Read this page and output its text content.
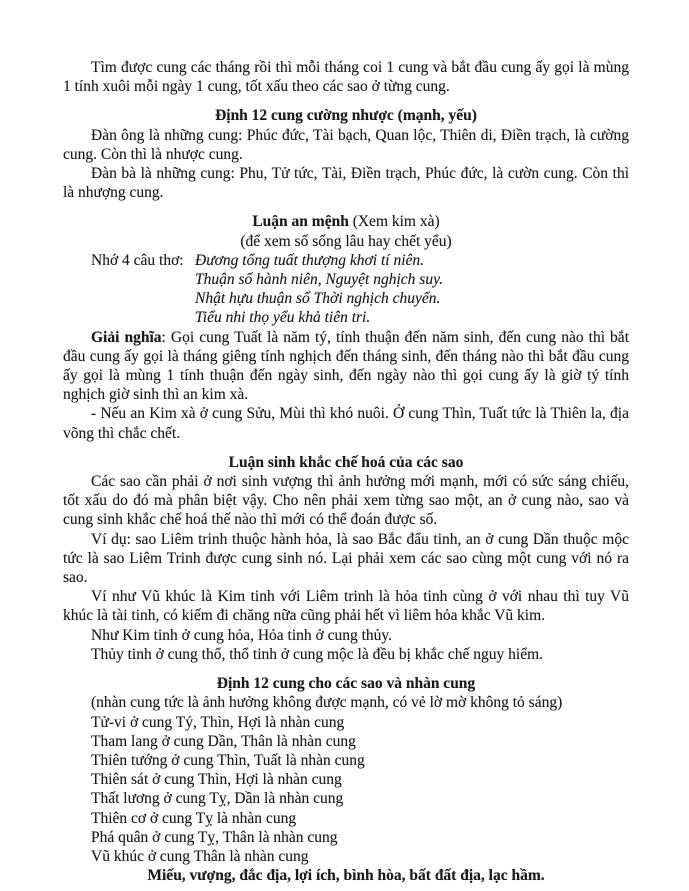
Tìm được cung các tháng rồi thì mỗi tháng coi 1 cung và bắt đầu cung ấy gọi là mùng 1 tính xuôi mỗi ngày 1 cung, tốt xấu theo các sao ở từng cung.

Định 12 cung cường nhược (mạnh, yếu)

Đàn ông là những cung: Phúc đức, Tài bạch, Quan lộc, Thiên di, Điền trạch, là cường cung. Còn thì là nhược cung.

Đàn bà là những cung: Phu, Tử tức, Tài, Điền trạch, Phúc đức, là cườn cung. Còn thì là nhượng cung.

Luận an mệnh (Xem kim xà)

(để xem số sống lâu hay chết yểu)

Nhớ 4 câu thơ: Đương tổng tuất thượng khơi tí niên.

Thuận số hành niên, Nguyệt nghịch suy.

Nhật hựu thuận số Thời nghịch chuyển.

Tiểu nhi thọ yểu khả tiên tri.

Giải nghĩa: Gọi cung Tuất là năm tý, tính thuận đến năm sinh, đến cung nào thì bắt đầu cung ấy gọi là tháng giêng tính nghịch đến tháng sinh, đến tháng nào thì bắt đầu cung ấy gọi là mùng 1 tính thuận đến ngày sinh, đến ngày nào thì gọi cung ấy là giờ tý tính nghịch giờ sinh thì an kim xà.

- Nếu an Kim xà ở cung Sửu, Mùi thì khó nuôi. Ở cung Thìn, Tuất tức là Thiên la, địa võng thì chắc chết.

Luận sinh khắc chế hoá của các sao

Các sao cần phải ở nơi sinh vượng thì ảnh hưởng mới mạnh, mới có sức sáng chiếu, tốt xấu do đó mà phân biệt vậy. Cho nên phải xem từng sao một, an ở cung nào, sao và cung sinh khắc chế hoá thế nào thì mới có thể đoán được số.

Ví dụ: sao Liêm trinh thuộc hành hỏa, là sao Bắc đẩu tinh, an ở cung Dần thuộc mộc tức là sao Liêm Trinh được cung sinh nó. Lại phải xem các sao cùng một cung với nó ra sao.

Ví như Vũ khúc là Kim tinh với Liêm trinh là hỏa tinh cùng ở với nhau thì tuy Vũ khúc là tài tinh, có kiếm đi chăng nữa cũng phải hết vì liêm hỏa khắc Vũ kim.

Như Kim tinh ở cung hỏa, Hỏa tinh ở cung thủy.

Thủy tinh ở cung thổ, thổ tinh ở cung mộc là đều bị khắc chế nguy hiểm.

Định 12 cung cho các sao và nhàn cung

(nhàn cung tức là ảnh hưởng không được mạnh, có vẻ lờ mờ không tỏ sáng)

Tử-vi ở cung Tý, Thìn, Hợi là nhàn cung

Tham lang ở cung Dần, Thân là nhàn cung

Thiên tướng ở cung Thìn, Tuất là nhàn cung

Thiên sát ở cung Thìn, Hợi là nhàn cung

Thất lương ở cung Tỵ, Dần là nhàn cung

Thiên cơ ở cung Tỵ là nhàn cung

Phá quân ở cung Tỵ, Thân là nhàn cung

Vũ khúc ở cung Thân là nhàn cung

Miếu, vượng, đắc địa, lợi ích, bình hòa, bất đất địa, lạc hầm.
